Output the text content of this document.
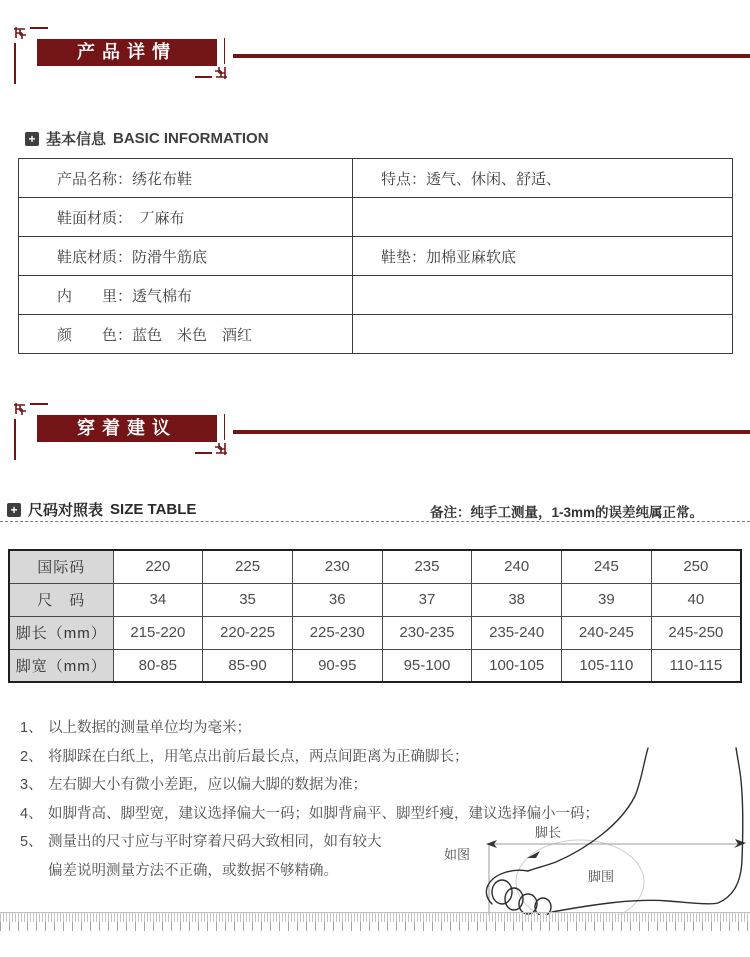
产品详情
+ 基本信息 BASIC INFORMATION
产品名称：绣花布鞋	特点：透气、休闲、舒适、
鞋面材质：　丆麻布	
鞋底材质：防滑牛筋底	鞋垫：加棉亚麻软底
内　　里：透气棉布	
颜　　色：蓝色　米色　酒红	
穿着建议
+ 尺码对照表 SIZE TABLE	备注：纯手工测量，1-3mm的误差纯属正常。
国际码	220	225	230	235	240	245	250
尺　码	34	35	36	37	38	39	40
脚长（mm）	215-220	220-225	225-230	230-235	235-240	240-245	245-250
脚宽（mm）	80-85	85-90	90-95	95-100	100-105	105-110	110-115
1、 以上数据的测量单位均为毫米；
2、 将脚踩在白纸上，用笔点出前后最长点，两点间距离为正确脚长；
3、 左右脚大小有微小差距，应以偏大脚的数据为准；
4、 如脚背高、脚型宽，建议选择偏大一码；如脚背扁平、脚型纤瘦，建议选择偏小一码；
5、 测量出的尺寸应与平时穿着尺码大致相同，如有较大
偏差说明测量方法不正确，或数据不够精确。
脚长
脚围
如图
